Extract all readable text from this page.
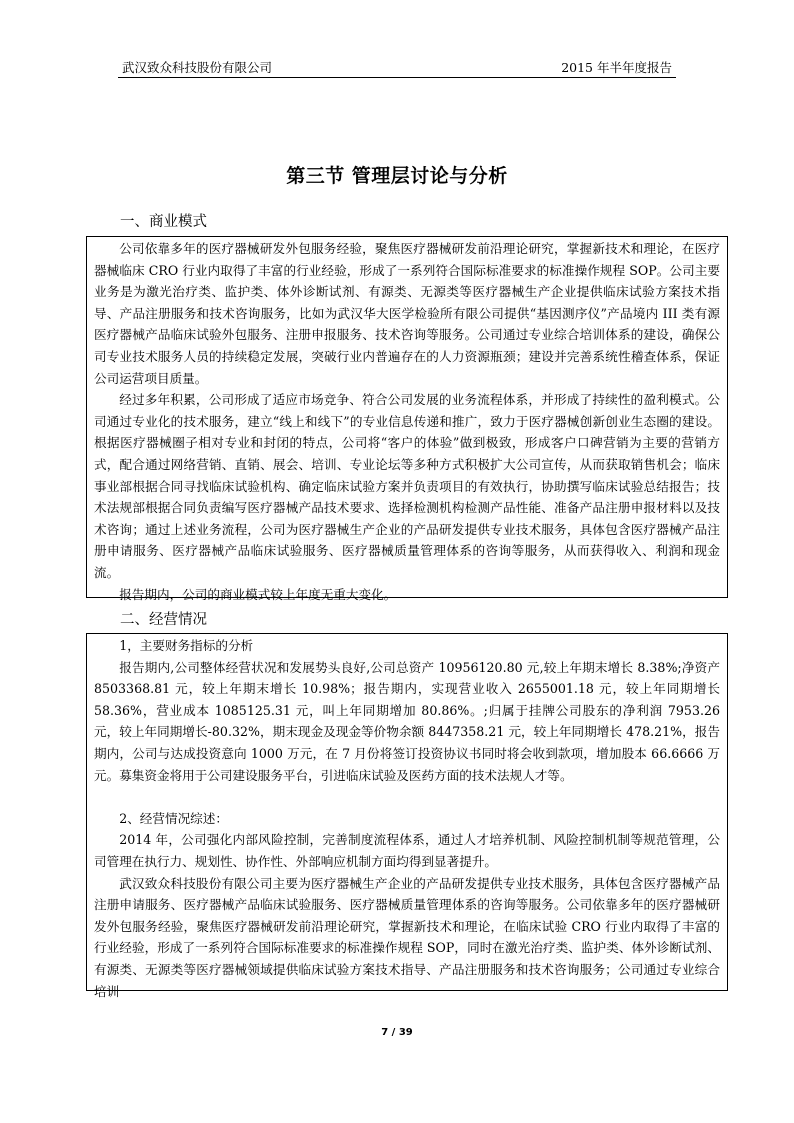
武汉致众科技股份有限公司	2015 年半年度报告
第三节 管理层讨论与分析
一、商业模式

公司依靠多年的医疗器械研发外包服务经验，聚焦医疗器械研发前沿理论研究，掌握新技术和理论，在医疗器械临床 CRO 行业内取得了丰富的行业经验，形成了一系列符合国际标准要求的标准操作规程 SOP。公司主要业务是为激光治疗类、监护类、体外诊断试剂、有源类、无源类等医疗器械生产企业提供临床试验方案技术指导、产品注册服务和技术咨询服务，比如为武汉华大医学检验所有限公司提供“基因测序仪”产品境内 III 类有源医疗器械产品临床试验外包服务、注册申报服务、技术咨询等服务。公司通过专业综合培训体系的建设，确保公司专业技术服务人员的持续稳定发展，突破行业内普遍存在的人力资源瓶颈；建设并完善系统性稽查体系，保证公司运营项目质量。

经过多年积累，公司形成了适应市场竞争、符合公司发展的业务流程体系，并形成了持续性的盈利模式。公司通过专业化的技术服务，建立“线上和线下”的专业信息传递和推广，致力于医疗器械创新创业生态圈的建设。根据医疗器械圈子相对专业和封闭的特点，公司将“客户的体验”做到极致，形成客户口碑营销为主要的营销方式，配合通过网络营销、直销、展会、培训、专业论坛等多种方式积极扩大公司宣传，从而获取销售机会；临床事业部根据合同寻找临床试验机构、确定临床试验方案并负责项目的有效执行，协助撰写临床试验总结报告；技术法规部根据合同负责编写医疗器械产品技术要求、选择检测机构检测产品性能、准备产品注册申报材料以及技术咨询；通过上述业务流程，公司为医疗器械生产企业的产品研发提供专业技术服务，具体包含医疗器械产品注册申请服务、医疗器械产品临床试验服务、医疗器械质量管理体系的咨询等服务，从而获得收入、利润和现金流。

报告期内，公司的商业模式较上年度无重大变化。

二、经营情况

1，主要财务指标的分析

报告期内,公司整体经营状况和发展势头良好,公司总资产 10956120.80 元,较上年期末增长 8.38%;净资产 8503368.81 元，较上年期末增长 10.98%；报告期内，实现营业收入 2655001.18 元，较上年同期增长 58.36%，营业成本 1085125.31 元，叫上年同期增加 80.86%。;归属于挂牌公司股东的净利润 7953.26 元，较上年同期增长-80.32%，期末现金及现金等价物余额 8447358.21 元，较上年同期增长 478.21%，报告期内，公司与达成投资意向 1000 万元，在 7 月份将签订投资协议书同时将会收到款项，增加股本 66.6666 万元。募集资金将用于公司建设服务平台，引进临床试验及医药方面的技术法规人才等。

2、经营情况综述：

2014 年，公司强化内部风险控制，完善制度流程体系，通过人才培养机制、风险控制机制等规范管理，公司管理在执行力、规划性、协作性、外部响应机制方面均得到显著提升。

武汉致众科技股份有限公司主要为医疗器械生产企业的产品研发提供专业技术服务，具体包含医疗器械产品注册申请服务、医疗器械产品临床试验服务、医疗器械质量管理体系的咨询等服务。公司依靠多年的医疗器械研发外包服务经验，聚焦医疗器械研发前沿理论研究，掌握新技术和理论，在临床试验 CRO 行业内取得了丰富的行业经验，形成了一系列符合国际标准要求的标准操作规程 SOP，同时在激光治疗类、监护类、体外诊断试剂、有源类、无源类等医疗器械领域提供临床试验方案技术指导、产品注册服务和技术咨询服务；公司通过专业综合培训

7 / 39
